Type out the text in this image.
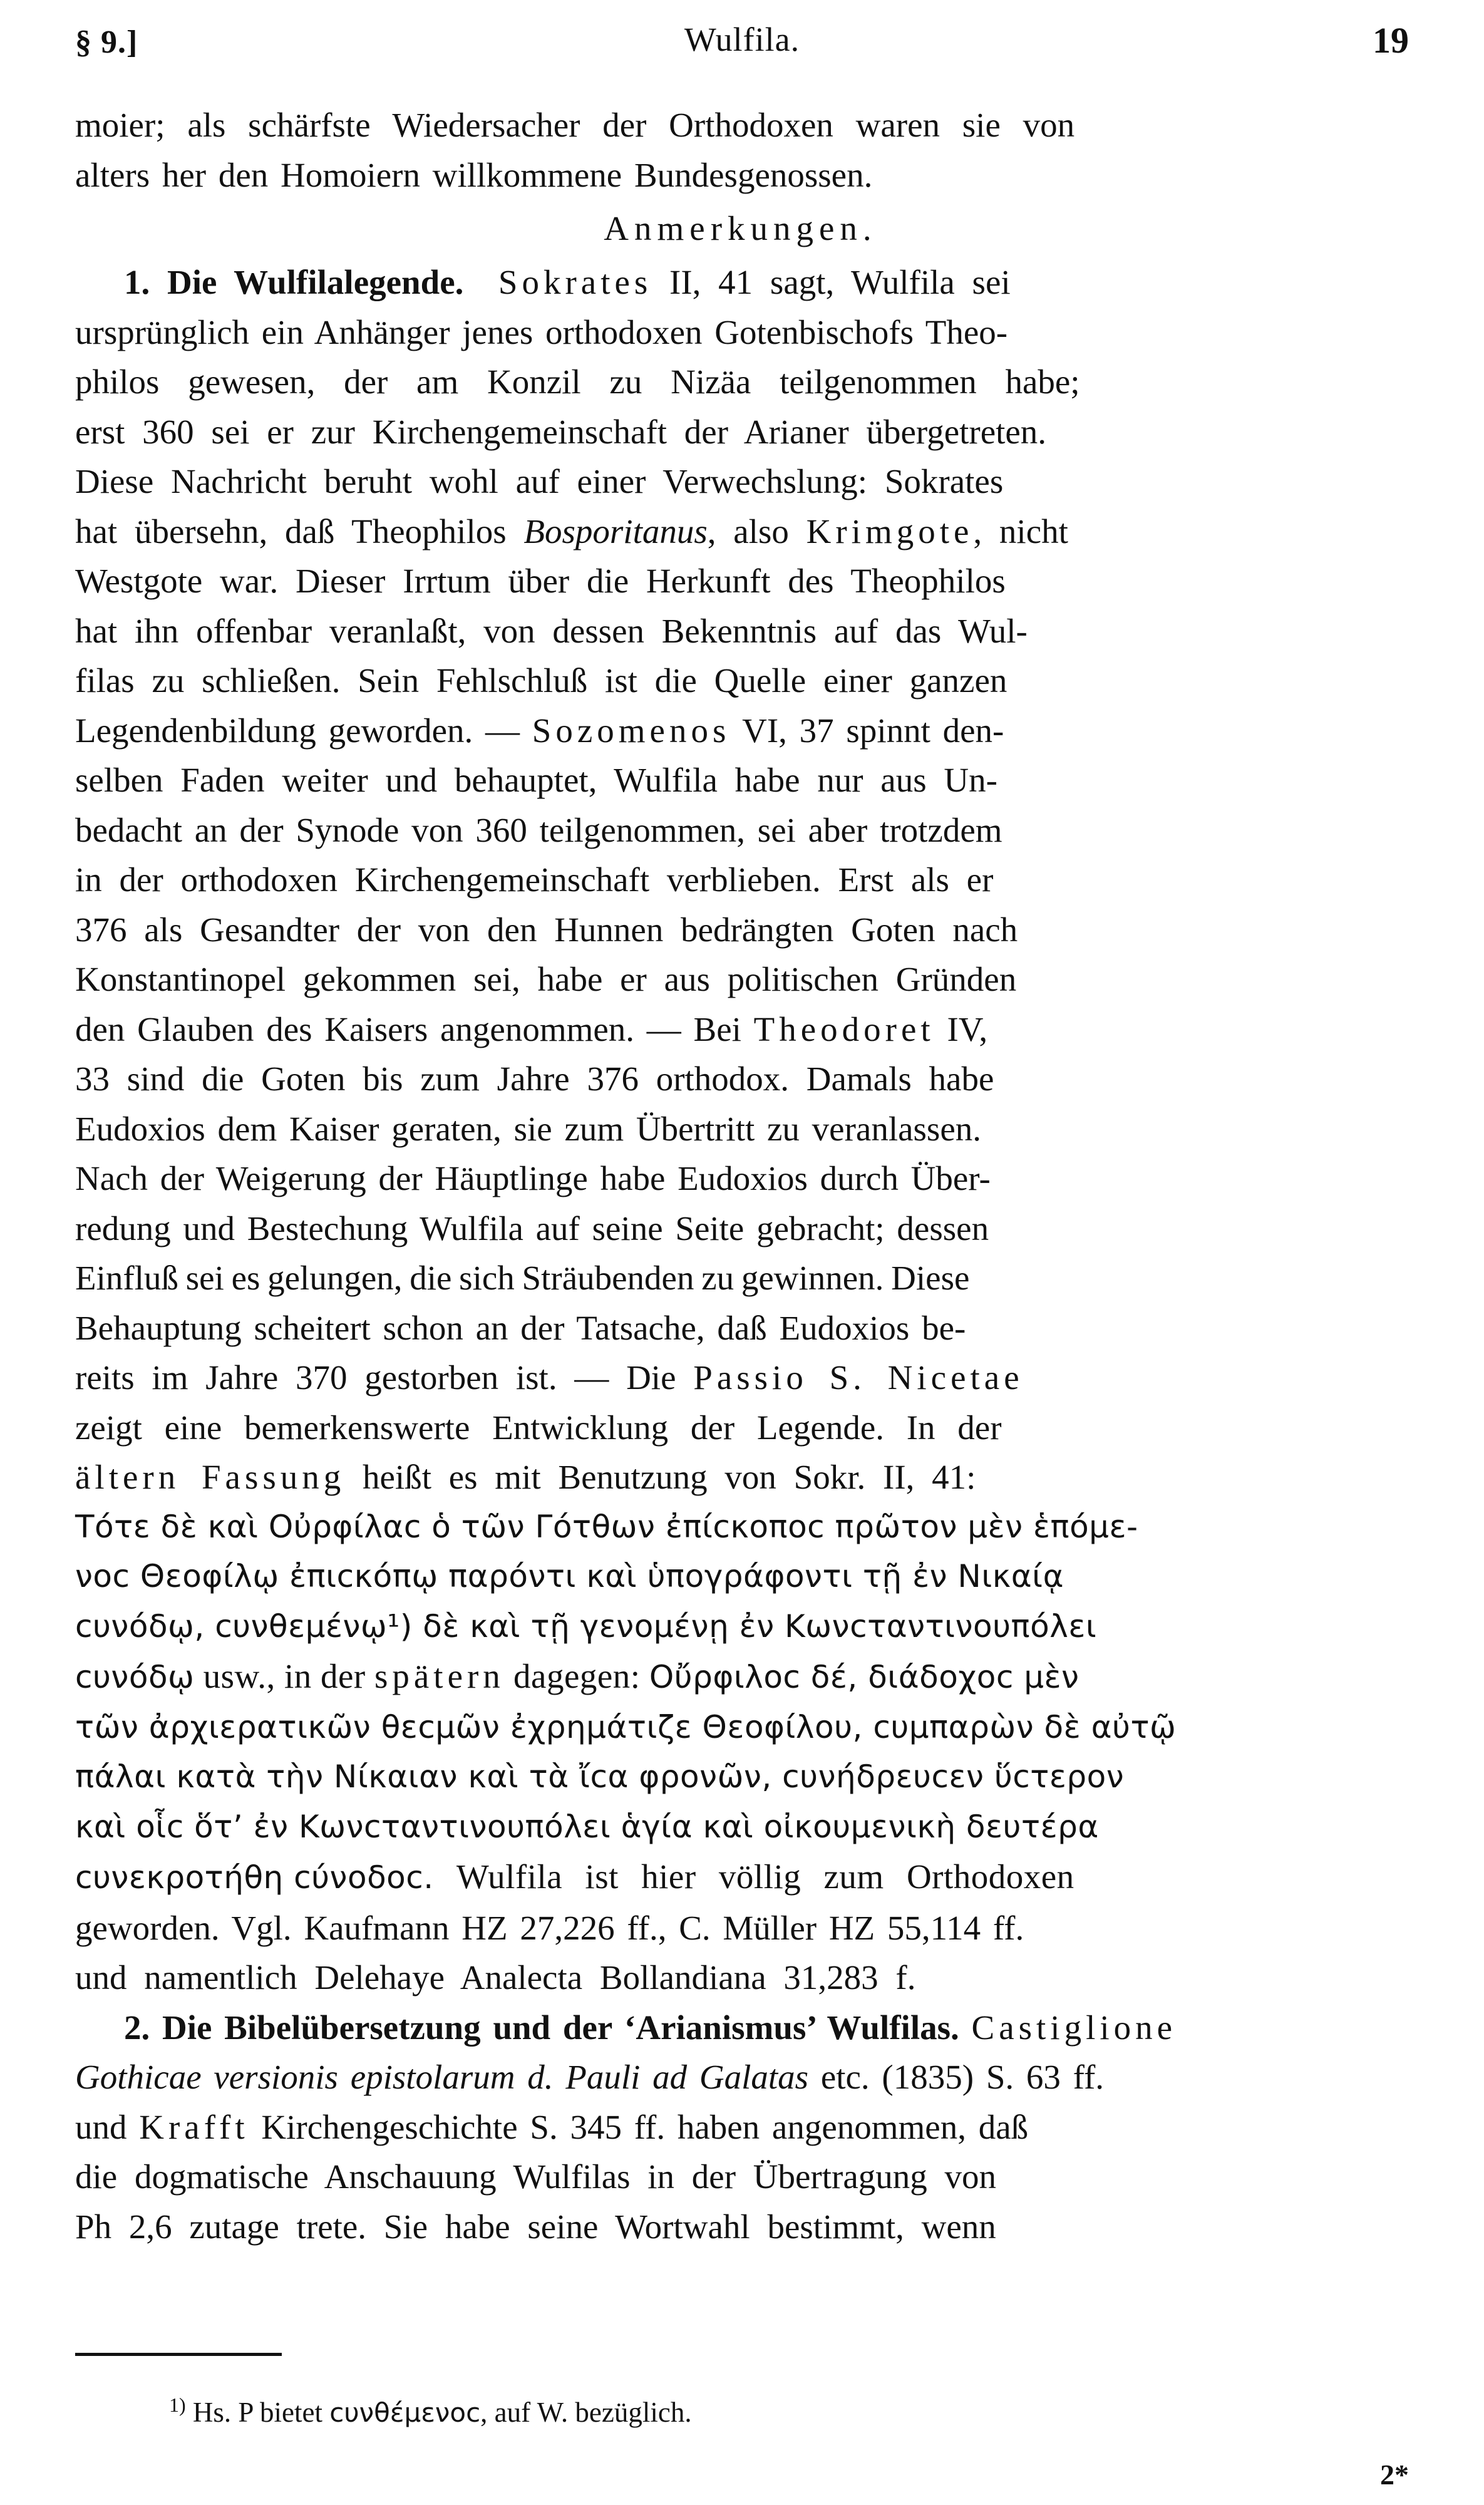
§ 9.]	Wulfila.	19
moier; als schärfste Wiedersacher der Orthodoxen waren sie von
alters her den Homoiern willkommene Bundesgenossen.
Anmerkungen.
1. Die Wulfilalegende. Sokrates II, 41 sagt, Wulfila sei
ursprünglich ein Anhänger jenes orthodoxen Gotenbischofs Theo-
philos gewesen, der am Konzil zu Nizäa teilgenommen habe;
erst 360 sei er zur Kirchengemeinschaft der Arianer übergetreten.
Diese Nachricht beruht wohl auf einer Verwechslung: Sokrates
hat übersehn, daß Theophilos Bosporitanus, also Krimgote, nicht
Westgote war. Dieser Irrtum über die Herkunft des Theophilos
hat ihn offenbar veranlaßt, von dessen Bekenntnis auf das Wul-
filas zu schließen. Sein Fehlschluß ist die Quelle einer ganzen
Legendenbildung geworden. — Sozomenos VI, 37 spinnt den-
selben Faden weiter und behauptet, Wulfila habe nur aus Un-
bedacht an der Synode von 360 teilgenommen, sei aber trotzdem
in der orthodoxen Kirchengemeinschaft verblieben. Erst als er
376 als Gesandter der von den Hunnen bedrängten Goten nach
Konstantinopel gekommen sei, habe er aus politischen Gründen
den Glauben des Kaisers angenommen. — Bei Theodoret IV,
33 sind die Goten bis zum Jahre 376 orthodox. Damals habe
Eudoxios dem Kaiser geraten, sie zum Übertritt zu veranlassen.
Nach der Weigerung der Häuptlinge habe Eudoxios durch Über-
redung und Bestechung Wulfila auf seine Seite gebracht; dessen
Einfluß sei es gelungen, die sich Sträubenden zu gewinnen. Diese
Behauptung scheitert schon an der Tatsache, daß Eudoxios be-
reits im Jahre 370 gestorben ist. — Die Passio S. Nicetae
zeigt eine bemerkenswerte Entwicklung der Legende. In der
ältern Fassung heißt es mit Benutzung von Sokr. II, 41:
Τότε δὲ καὶ Οὐρφίλαϲ ὁ τῶν Γότθων ἐπίϲκοποϲ πρῶτον μὲν ἑπόμε-
νοϲ Θεοφίλῳ ἐπιϲκόπῳ παρόντι καὶ ὑπογράφοντι τῇ ἐν Νικαίᾳ
ϲυνόδῳ, ϲυνθεμένῳ¹) δὲ καὶ τῇ γενομένῃ ἐν Κωνϲταντινουπόλει
ϲυνόδῳ usw., in der spätern dagegen: Οὔρφιλοϲ δέ, διάδοχοϲ μὲν
τῶν ἀρχιερατικῶν θεϲμῶν ἐχρημάτιζε Θεοφίλου, ϲυμπαρὼν δὲ αὐτῷ
πάλαι κατὰ τὴν Νίκαιαν καὶ τὰ ἴϲα φρονῶν, ϲυνήδρευϲεν ὕϲτερον
καὶ οἷϲ ὅτ’ ἐν Κωνϲταντινουπόλει ἁγία καὶ οἰκουμενικὴ δευτέρα
ϲυνεκροτήθη ϲύνοδοϲ. Wulfila ist hier völlig zum Orthodoxen
geworden. Vgl. Kaufmann HZ 27,226 ff., C. Müller HZ 55,114 ff.
und namentlich Delehaye Analecta Bollandiana 31,283 f.
2. Die Bibelübersetzung und der ‘Arianismus’ Wulfilas. Castiglione
Gothicae versionis epistolarum d. Pauli ad Galatas etc. (1835) S. 63 ff.
und Krafft Kirchengeschichte S. 345 ff. haben angenommen, daß
die dogmatische Anschauung Wulfilas in der Übertragung von
Ph 2,6 zutage trete. Sie habe seine Wortwahl bestimmt, wenn
$^{1)}$ Hs. P bietet ϲυνθέμενοϲ, auf W. bezüglich.
2*
